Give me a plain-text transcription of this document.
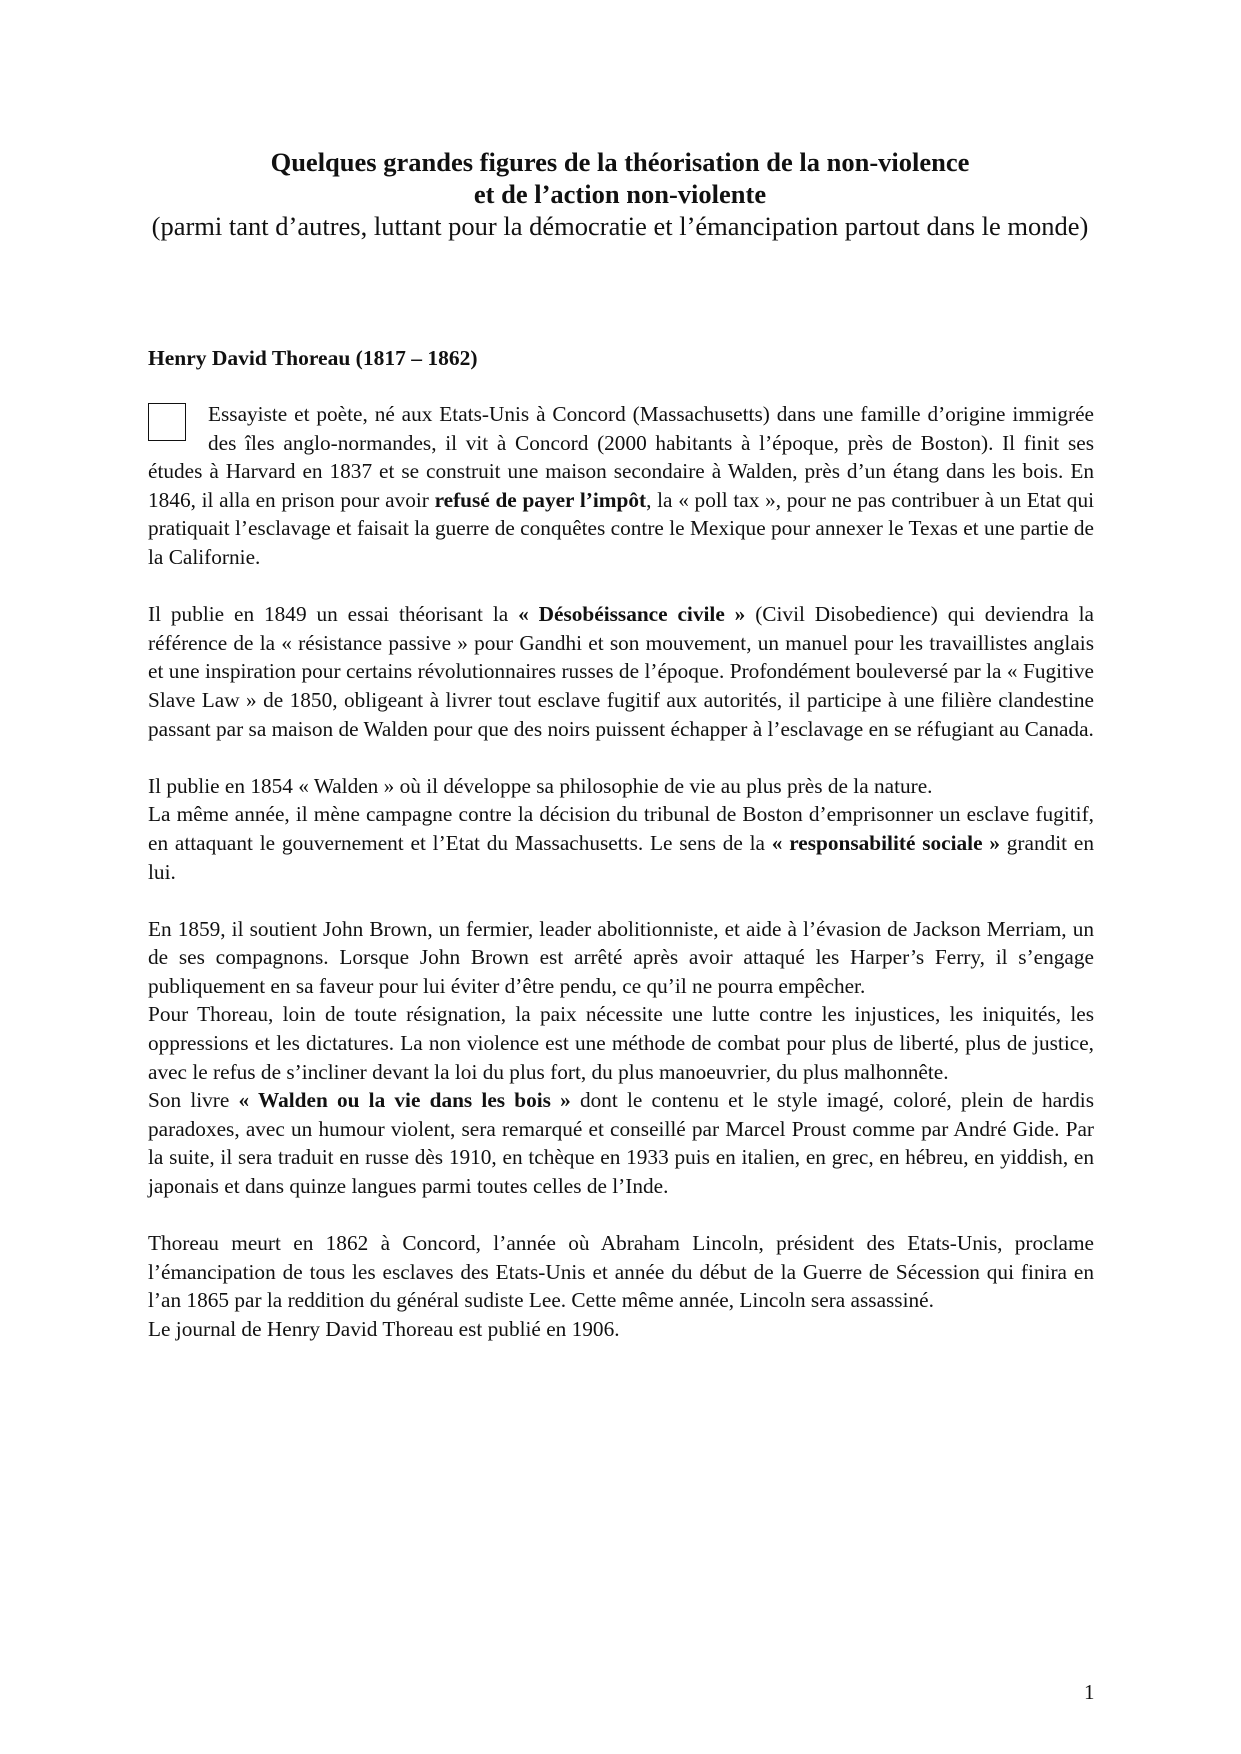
Quelques grandes figures de la théorisation de la non-violence
et de l’action non-violente
(parmi tant d’autres, luttant pour la démocratie et l’émancipation partout dans le monde)
Henry David Thoreau (1817 – 1862)

Essayiste et poète, né aux Etats-Unis à Concord (Massachusetts) dans une famille d’origine immigrée des îles anglo-normandes, il vit à Concord (2000 habitants à l’époque, près de Boston). Il finit ses études à Harvard en 1837 et se construit une maison secondaire à Walden, près d’un étang dans les bois. En 1846, il alla en prison pour avoir refusé de payer l’impôt, la « poll tax », pour ne pas contribuer à un Etat qui pratiquait l’esclavage et faisait la guerre de conquêtes contre le Mexique pour annexer le Texas et une partie de la Californie.

Il publie en 1849 un essai théorisant la « Désobéissance civile » (Civil Disobedience) qui deviendra la référence de la « résistance passive » pour Gandhi et son mouvement, un manuel pour les travaillistes anglais et une inspiration pour certains révolutionnaires russes de l’époque. Profondément bouleversé par la « Fugitive Slave Law » de 1850, obligeant à livrer tout esclave fugitif aux autorités, il participe à une filière clandestine passant par sa maison de Walden pour que des noirs puissent échapper à l’esclavage en se réfugiant au Canada.

Il publie en 1854 « Walden » où il développe sa philosophie de vie au plus près de la nature.

La même année, il mène campagne contre la décision du tribunal de Boston d’emprisonner un esclave fugitif, en attaquant le gouvernement et l’Etat du Massachusetts. Le sens de la « responsabilité sociale » grandit en lui.

En 1859, il soutient John Brown, un fermier, leader abolitionniste, et aide à l’évasion de Jackson Merriam, un de ses compagnons. Lorsque John Brown est arrêté après avoir attaqué les Harper’s Ferry, il s’engage publiquement en sa faveur pour lui éviter d’être pendu, ce qu’il ne pourra empêcher.

Pour Thoreau, loin de toute résignation, la paix nécessite une lutte contre les injustices, les iniquités, les oppressions et les dictatures. La non violence est une méthode de combat pour plus de liberté, plus de justice, avec le refus de s’incliner devant la loi du plus fort, du plus manoeuvrier, du plus malhonnête.

Son livre « Walden ou la vie dans les bois » dont le contenu et le style imagé, coloré, plein de hardis paradoxes, avec un humour violent, sera remarqué et conseillé par Marcel Proust comme par André Gide. Par la suite, il sera traduit en russe dès 1910, en tchèque en 1933 puis en italien, en grec, en hébreu, en yiddish, en japonais et dans quinze langues parmi toutes celles de l’Inde.

Thoreau meurt en 1862 à Concord, l’année où Abraham Lincoln, président des Etats-Unis, proclame l’émancipation de tous les esclaves des Etats-Unis et année du début de la Guerre de Sécession qui finira en l’an 1865 par la reddition du général sudiste Lee. Cette même année, Lincoln sera assassiné.

Le journal de Henry David Thoreau est publié en 1906.

1
